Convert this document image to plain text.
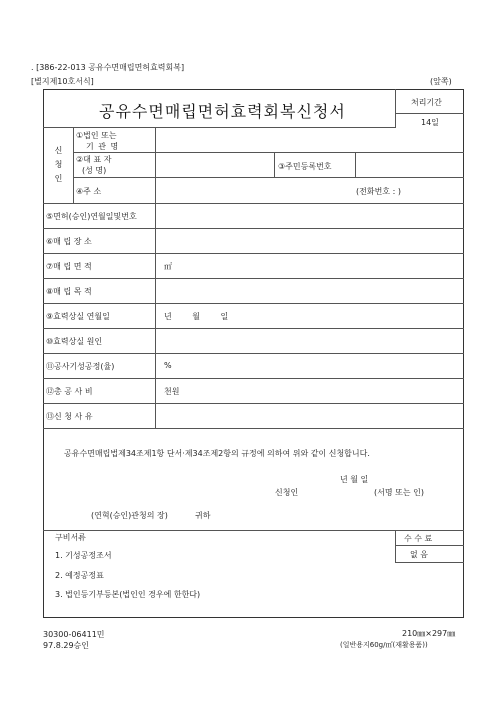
. [386-22-013 공유수면매립면허효력회복]
[별지제10호서식]	(앞쪽)
공유수면매립면허효력회복신청서	처리기간
14일
신청인
①법인 또는
기 관 명
②대 표 자
(성 명)	③주민등록번호
④주 소	(전화번호 : )
⑤면허(승인)연월일및번호
⑥매 립 장 소
⑦매 립 면 적	㎡
⑧매 립 목 적
⑨효력상실 연월일	년 월 일
⑩효력상실 원인
⑪공사기성공정(율)	%
⑫총 공 사 비	천원
⑬신 청 사 유
공유수면매립법제34조제1항 단서·제34조제2항의 규정에 의하여 위와 같이 신청합니다.
년 월 일
신청인	(서명 또는 인)
(연혁(승인)관청의 장)	귀하
구비서류
1. 기성공정조서
2. 예정공정표
3. 법인등기부등본(법인인 경우에 한한다)
수 수 료
없 음
30300-06411민
97.8.29승인
210㎜×297㎜
(일반용지60g/㎡(재활용품))
